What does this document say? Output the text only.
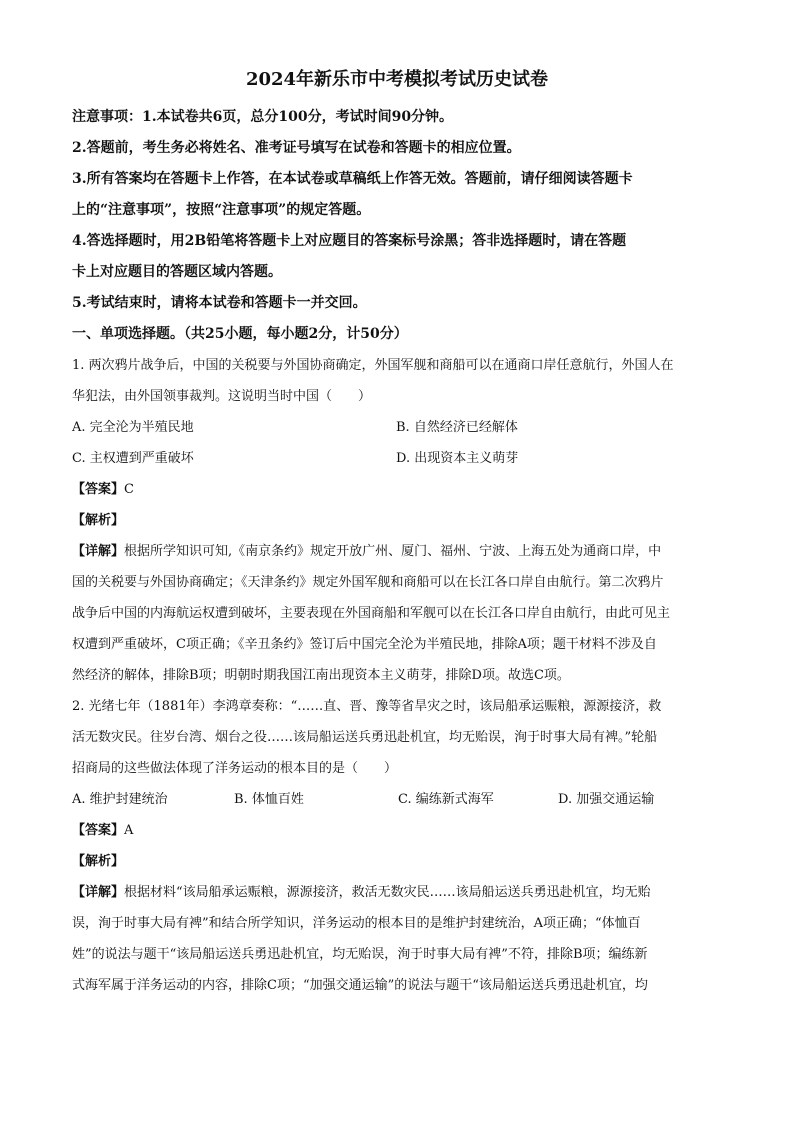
2024年新乐市中考模拟考试历史试卷

注意事项：1.本试卷共6页，总分100分，考试时间90分钟。

2.答题前，考生务必将姓名、准考证号填写在试卷和答题卡的相应位置。

3.所有答案均在答题卡上作答，在本试卷或草稿纸上作答无效。答题前，请仔细阅读答题卡

上的“注意事项”，按照“注意事项”的规定答题。

4.答选择题时，用2B铅笔将答题卡上对应题目的答案标号涂黑；答非选择题时，请在答题

卡上对应题目的答题区域内答题。

5.考试结束时，请将本试卷和答题卡一并交回。

一、单项选择题。（共25小题，每小题2分，计50分）

1. 两次鸦片战争后，中国的关税要与外国协商确定，外国军舰和商船可以在通商口岸任意航行，外国人在

华犯法，由外国领事裁判。这说明当时中国（　　）

A. 完全沦为半殖民地	B. 自然经济已经解体
C. 主权遭到严重破坏	D. 出现资本主义萌芽

【答案】C

【解析】

【详解】根据所学知识可知,《南京条约》规定开放广州、厦门、福州、宁波、上海五处为通商口岸，中

国的关税要与外国协商确定；《天津条约》规定外国军舰和商船可以在长江各口岸自由航行。第二次鸦片

战争后中国的内海航运权遭到破坏，主要表现在外国商船和军舰可以在长江各口岸自由航行，由此可见主

权遭到严重破坏，C项正确；《辛丑条约》签订后中国完全沦为半殖民地，排除A项；题干材料不涉及自

然经济的解体，排除B项；明朝时期我国江南出现资本主义萌芽，排除D项。故选C项。

2. 光绪七年（1881年）李鸿章奏称：“……直、晋、豫等省旱灾之时，该局船承运赈粮，源源接济，救

活无数灾民。往岁台湾、烟台之役……该局船运送兵勇迅赴机宜，均无贻误，洵于时事大局有裨。”轮船

招商局的这些做法体现了洋务运动的根本目的是（　　）

A. 维护封建统治	B. 体恤百姓	C. 编练新式海军	D. 加强交通运输

【答案】A

【解析】

【详解】根据材料“该局船承运赈粮，源源接济，救活无数灾民……该局船运送兵勇迅赴机宜，均无贻

误，洵于时事大局有裨”和结合所学知识，洋务运动的根本目的是维护封建统治，A项正确；“体恤百

姓”的说法与题干“该局船运送兵勇迅赴机宜，均无贻误，洵于时事大局有裨”不符，排除B项；编练新

式海军属于洋务运动的内容，排除C项；“加强交通运输”的说法与题干“该局船运送兵勇迅赴机宜，均
